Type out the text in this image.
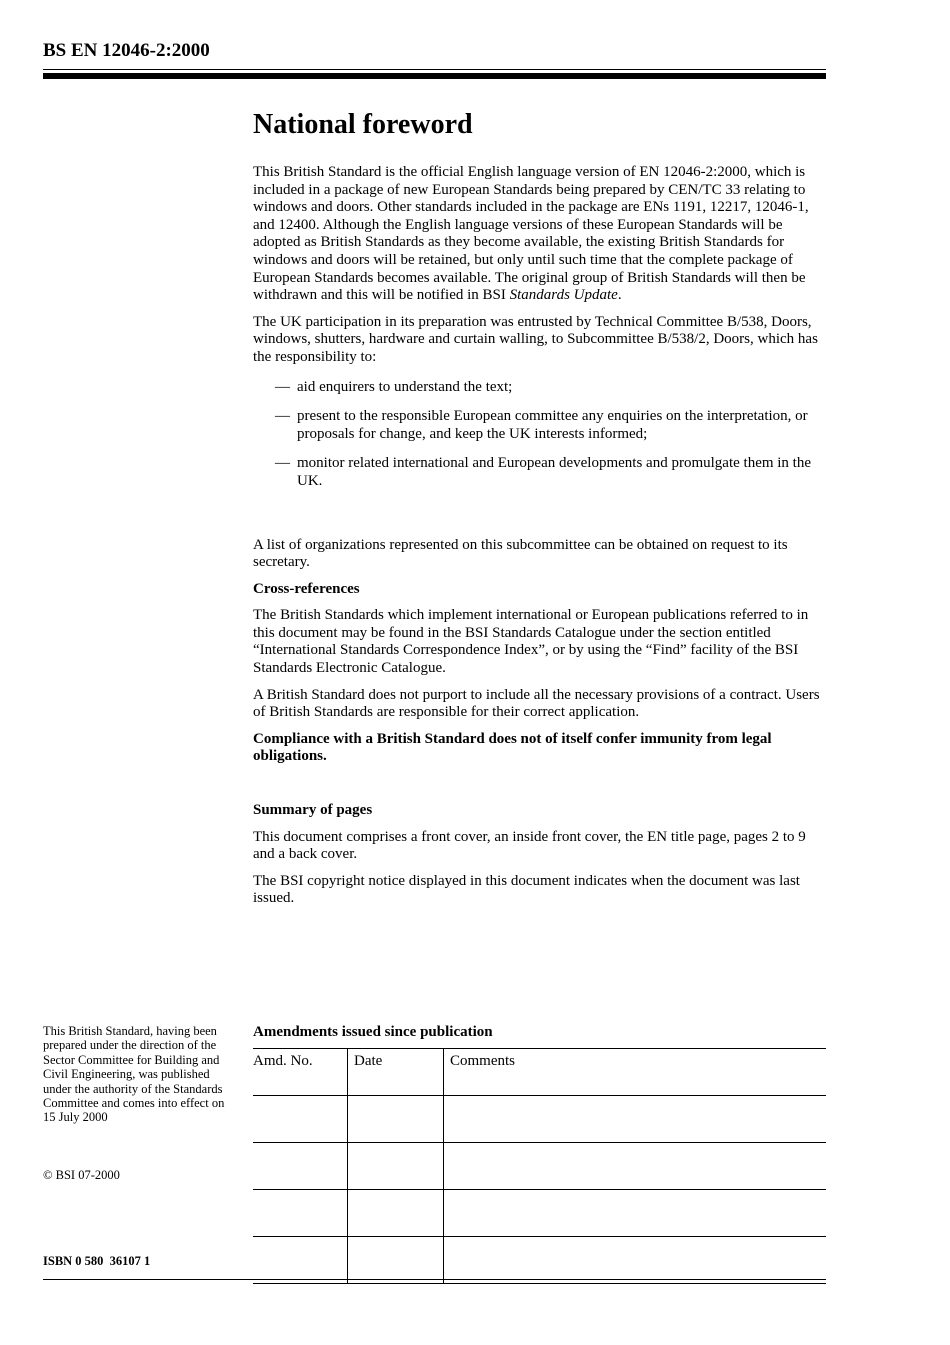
BS EN 12046-2:2000
National foreword

This British Standard is the official English language version of EN 12046-2:2000, which is included in a package of new European Standards being prepared by CEN/TC 33 relating to windows and doors. Other standards included in the package are ENs 1191, 12217, 12046-1, and 12400. Although the English language versions of these European Standards will be adopted as British Standards as they become available, the existing British Standards for windows and doors will be retained, but only until such time that the complete package of European Standards becomes available. The original group of British Standards will then be withdrawn and this will be notified in BSI Standards Update.

The UK participation in its preparation was entrusted by Technical Committee B/538, Doors, windows, shutters, hardware and curtain walling, to Subcommittee B/538/2, Doors, which has the responsibility to:

— aid enquirers to understand the text;
— present to the responsible European committee any enquiries on the interpretation, or proposals for change, and keep the UK interests informed;
— monitor related international and European developments and promulgate them in the UK.

A list of organizations represented on this subcommittee can be obtained on request to its secretary.

Cross-references

The British Standards which implement international or European publications referred to in this document may be found in the BSI Standards Catalogue under the section entitled “International Standards Correspondence Index”, or by using the “Find” facility of the BSI Standards Electronic Catalogue.

A British Standard does not purport to include all the necessary provisions of a contract. Users of British Standards are responsible for their correct application.

Compliance with a British Standard does not of itself confer immunity from legal obligations.

Summary of pages

This document comprises a front cover, an inside front cover, the EN title page, pages 2 to 9 and a back cover.

The BSI copyright notice displayed in this document indicates when the document was last issued.

This British Standard, having been prepared under the direction of the Sector Committee for Building and Civil Engineering, was published under the authority of the Standards Committee and comes into effect on 15 July 2000
© BSI 07-2000
ISBN 0 580  36107 1
Amendments issued since publication
Amd. No.	Date	Comments
